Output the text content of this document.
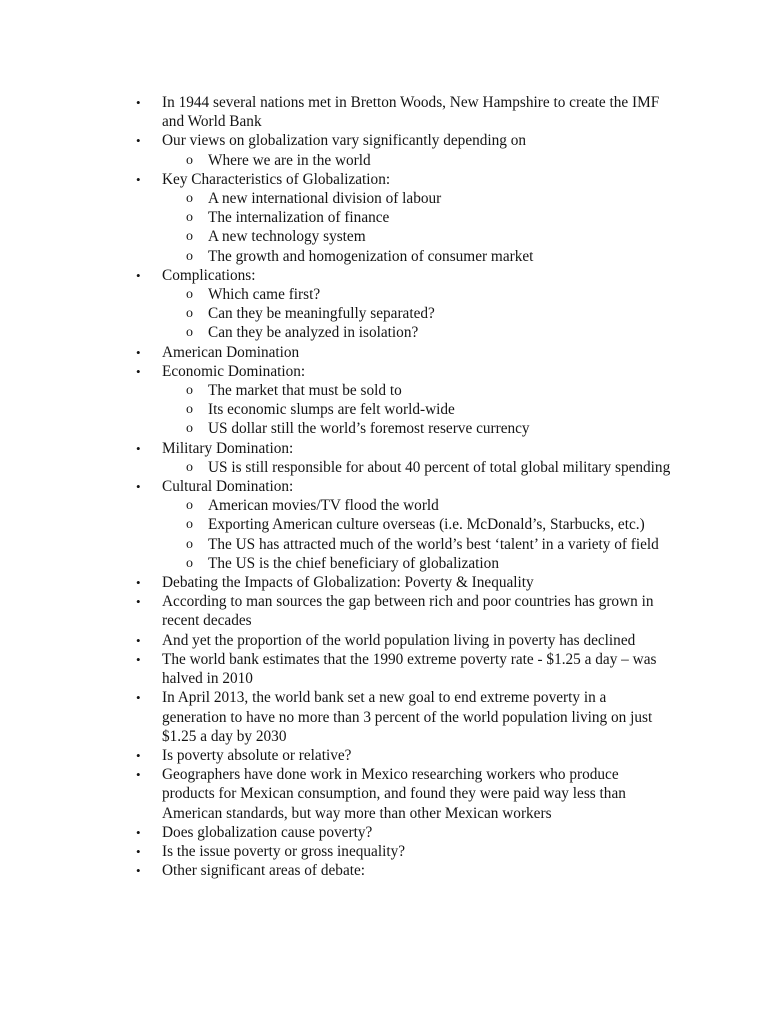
• In 1944 several nations met in Bretton Woods, New Hampshire to create the IMF and World Bank
• Our views on globalization vary significantly depending on
o Where we are in the world
• Key Characteristics of Globalization:
o A new international division of labour
o The internalization of finance
o A new technology system
o The growth and homogenization of consumer market
• Complications:
o Which came first?
o Can they be meaningfully separated?
o Can they be analyzed in isolation?
• American Domination
• Economic Domination:
o The market that must be sold to
o Its economic slumps are felt world-wide
o US dollar still the world’s foremost reserve currency
• Military Domination:
o US is still responsible for about 40 percent of total global military spending
• Cultural Domination:
o American movies/TV flood the world
o Exporting American culture overseas (i.e. McDonald’s, Starbucks, etc.)
o The US has attracted much of the world’s best ‘talent’ in a variety of field
o The US is the chief beneficiary of globalization
• Debating the Impacts of Globalization: Poverty & Inequality
• According to man sources the gap between rich and poor countries has grown in recent decades
• And yet the proportion of the world population living in poverty has declined
• The world bank estimates that the 1990 extreme poverty rate - $1.25 a day – was halved in 2010
• In April 2013, the world bank set a new goal to end extreme poverty in a generation to have no more than 3 percent of the world population living on just $1.25 a day by 2030
• Is poverty absolute or relative?
• Geographers have done work in Mexico researching workers who produce products for Mexican consumption, and found they were paid way less than American standards, but way more than other Mexican workers
• Does globalization cause poverty?
• Is the issue poverty or gross inequality?
• Other significant areas of debate:
